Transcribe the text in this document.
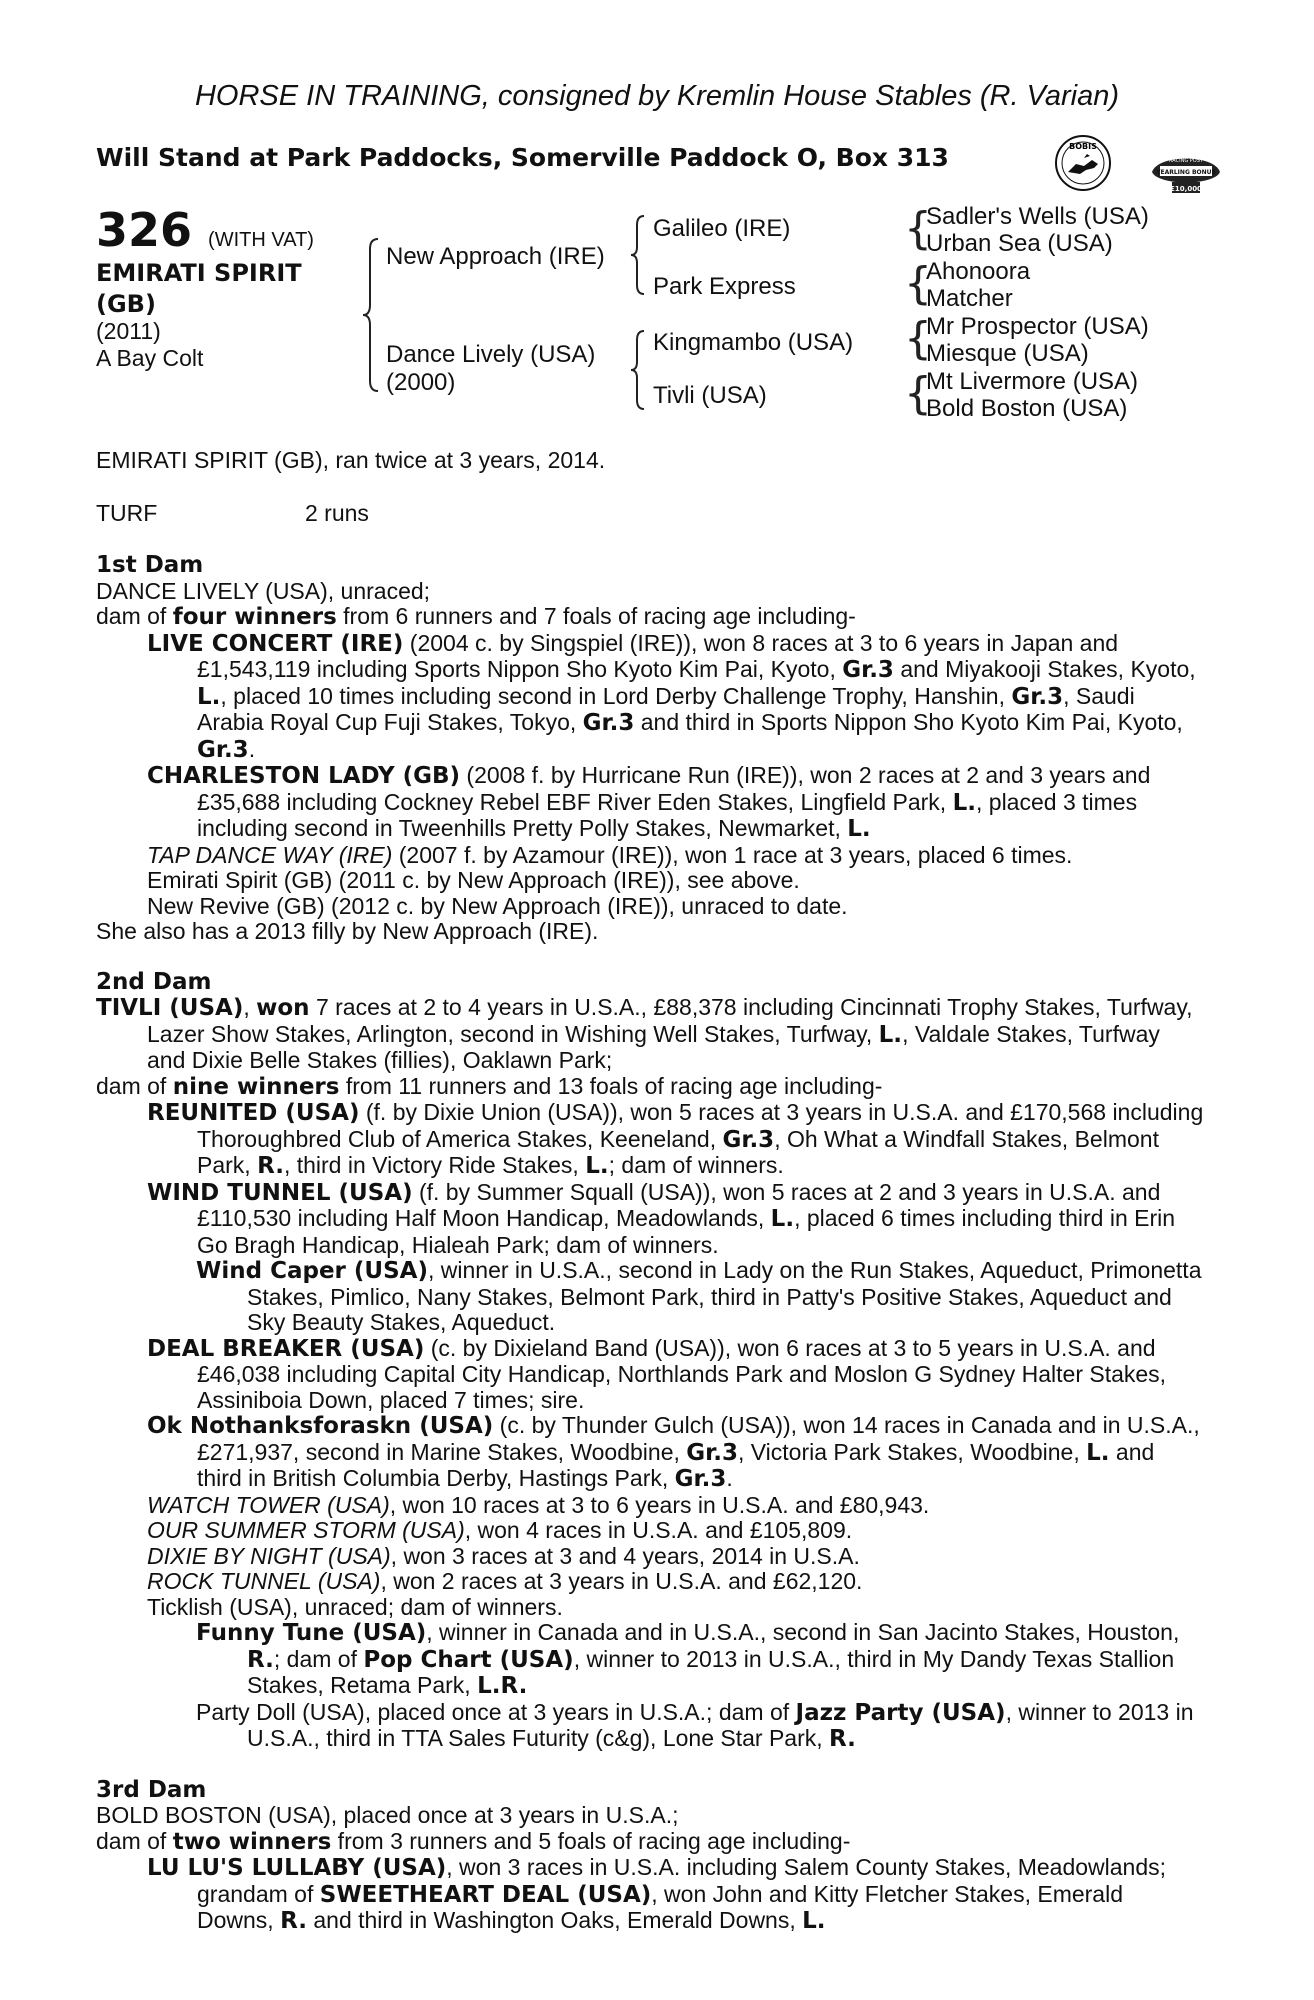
HORSE IN TRAINING, consigned by Kremlin House Stables (R. Varian)
Will Stand at Park Paddocks, Somerville Paddock O, Box 313	BOBIS
RACING POST
YEARLING BONUS
£10,000
326 (WITH VAT)
EMIRATI SPIRIT
(GB)
(2011)
A Bay Colt
New Approach (IRE)
Dance Lively (USA)
(2000)
Galileo (IRE)
Park Express
Kingmambo (USA)
Tivli (USA)
{
Sadler's Wells (USA)
Urban Sea (USA)
{
Ahonoora
Matcher
{
Mr Prospector (USA)
Miesque (USA)
{
Mt Livermore (USA)
Bold Boston (USA)
EMIRATI SPIRIT (GB), ran twice at 3 years, 2014.
TURF	2 runs

1st Dam

DANCE LIVELY (USA), unraced;

dam of four winners from 6 runners and 7 foals of racing age including-

LIVE CONCERT (IRE) (2004 c. by Singspiel (IRE)), won 8 races at 3 to 6 years in Japan and £1,543,119 including Sports Nippon Sho Kyoto Kim Pai, Kyoto, Gr.3 and Miyakooji Stakes, Kyoto, L., placed 10 times including second in Lord Derby Challenge Trophy, Hanshin, Gr.3, Saudi Arabia Royal Cup Fuji Stakes, Tokyo, Gr.3 and third in Sports Nippon Sho Kyoto Kim Pai, Kyoto, Gr.3.

CHARLESTON LADY (GB) (2008 f. by Hurricane Run (IRE)), won 2 races at 2 and 3 years and £35,688 including Cockney Rebel EBF River Eden Stakes, Lingfield Park, L., placed 3 times including second in Tweenhills Pretty Polly Stakes, Newmarket, L.

TAP DANCE WAY (IRE) (2007 f. by Azamour (IRE)), won 1 race at 3 years, placed 6 times.

Emirati Spirit (GB) (2011 c. by New Approach (IRE)), see above.

New Revive (GB) (2012 c. by New Approach (IRE)), unraced to date.

She also has a 2013 filly by New Approach (IRE).

2nd Dam

TIVLI (USA), won 7 races at 2 to 4 years in U.S.A., £88,378 including Cincinnati Trophy Stakes, Turfway, Lazer Show Stakes, Arlington, second in Wishing Well Stakes, Turfway, L., Valdale Stakes, Turfway and Dixie Belle Stakes (fillies), Oaklawn Park;

dam of nine winners from 11 runners and 13 foals of racing age including-

REUNITED (USA) (f. by Dixie Union (USA)), won 5 races at 3 years in U.S.A. and £170,568 including Thoroughbred Club of America Stakes, Keeneland, Gr.3, Oh What a Windfall Stakes, Belmont Park, R., third in Victory Ride Stakes, L.; dam of winners.

WIND TUNNEL (USA) (f. by Summer Squall (USA)), won 5 races at 2 and 3 years in U.S.A. and £110,530 including Half Moon Handicap, Meadowlands, L., placed 6 times including third in Erin Go Bragh Handicap, Hialeah Park; dam of winners.

Wind Caper (USA), winner in U.S.A., second in Lady on the Run Stakes, Aqueduct, Primonetta Stakes, Pimlico, Nany Stakes, Belmont Park, third in Patty's Positive Stakes, Aqueduct and Sky Beauty Stakes, Aqueduct.

DEAL BREAKER (USA) (c. by Dixieland Band (USA)), won 6 races at 3 to 5 years in U.S.A. and £46,038 including Capital City Handicap, Northlands Park and Moslon G Sydney Halter Stakes, Assiniboia Down, placed 7 times; sire.

Ok Nothanksforaskn (USA) (c. by Thunder Gulch (USA)), won 14 races in Canada and in U.S.A., £271,937, second in Marine Stakes, Woodbine, Gr.3, Victoria Park Stakes, Woodbine, L. and third in British Columbia Derby, Hastings Park, Gr.3.

WATCH TOWER (USA), won 10 races at 3 to 6 years in U.S.A. and £80,943.

OUR SUMMER STORM (USA), won 4 races in U.S.A. and £105,809.

DIXIE BY NIGHT (USA), won 3 races at 3 and 4 years, 2014 in U.S.A.

ROCK TUNNEL (USA), won 2 races at 3 years in U.S.A. and £62,120.

Ticklish (USA), unraced; dam of winners.

Funny Tune (USA), winner in Canada and in U.S.A., second in San Jacinto Stakes, Houston, R.; dam of Pop Chart (USA), winner to 2013 in U.S.A., third in My Dandy Texas Stallion Stakes, Retama Park, L.R.

Party Doll (USA), placed once at 3 years in U.S.A.; dam of Jazz Party (USA), winner to 2013 in U.S.A., third in TTA Sales Futurity (c&g), Lone Star Park, R.

3rd Dam

BOLD BOSTON (USA), placed once at 3 years in U.S.A.;

dam of two winners from 3 runners and 5 foals of racing age including-

LU LU'S LULLABY (USA), won 3 races in U.S.A. including Salem County Stakes, Meadowlands; grandam of SWEETHEART DEAL (USA), won John and Kitty Fletcher Stakes, Emerald Downs, R. and third in Washington Oaks, Emerald Downs, L.
